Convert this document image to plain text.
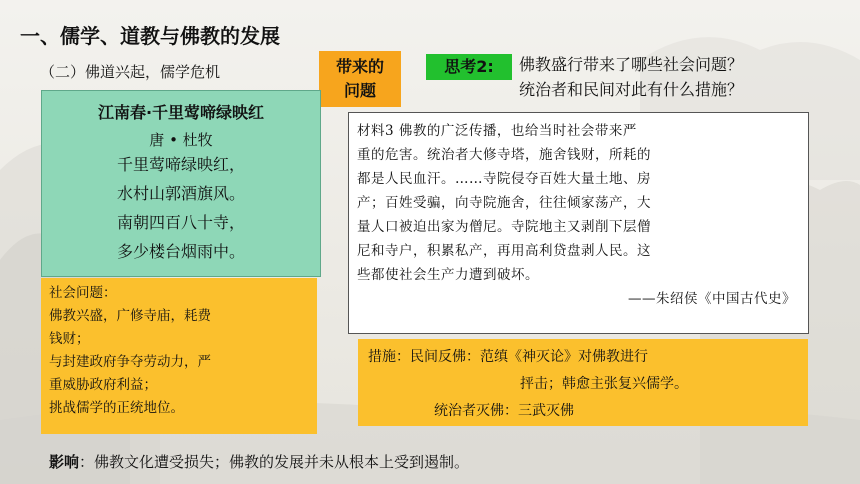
一、儒学、道教与佛教的发展
（二）佛道兴起，儒学危机	带来的
问题
思考2:	佛教盛行带来了哪些社会问题？
统治者和民间对此有什么措施？
江南春·千里莺啼绿映红
唐 • 杜牧
千里莺啼绿映红，
水村山郭酒旗风。
南朝四百八十寺，
多少楼台烟雨中。
材料3 佛教的广泛传播，也给当时社会带来严
重的危害。统治者大修寺塔，施舍钱财，所耗的
都是人民血汗。……寺院侵夺百姓大量土地、房
产；百姓受骗，向寺院施舍，往往倾家荡产，大
量人口被迫出家为僧尼。寺院地主又剥削下层僧
尼和寺户，积累私产，再用高利贷盘剥人民。这
些都使社会生产力遭到破坏。
——朱绍侯《中国古代史》
社会问题：
佛教兴盛，广修寺庙，耗费
钱财；
与封建政府争夺劳动力，严
重威胁政府利益；
挑战儒学的正统地位。
措施：民间反佛：范缜《神灭论》对佛教进行
抨击；韩愈主张复兴儒学。
统治者灭佛：三武灭佛
影响：佛教文化遭受损失；佛教的发展并未从根本上受到遏制。
